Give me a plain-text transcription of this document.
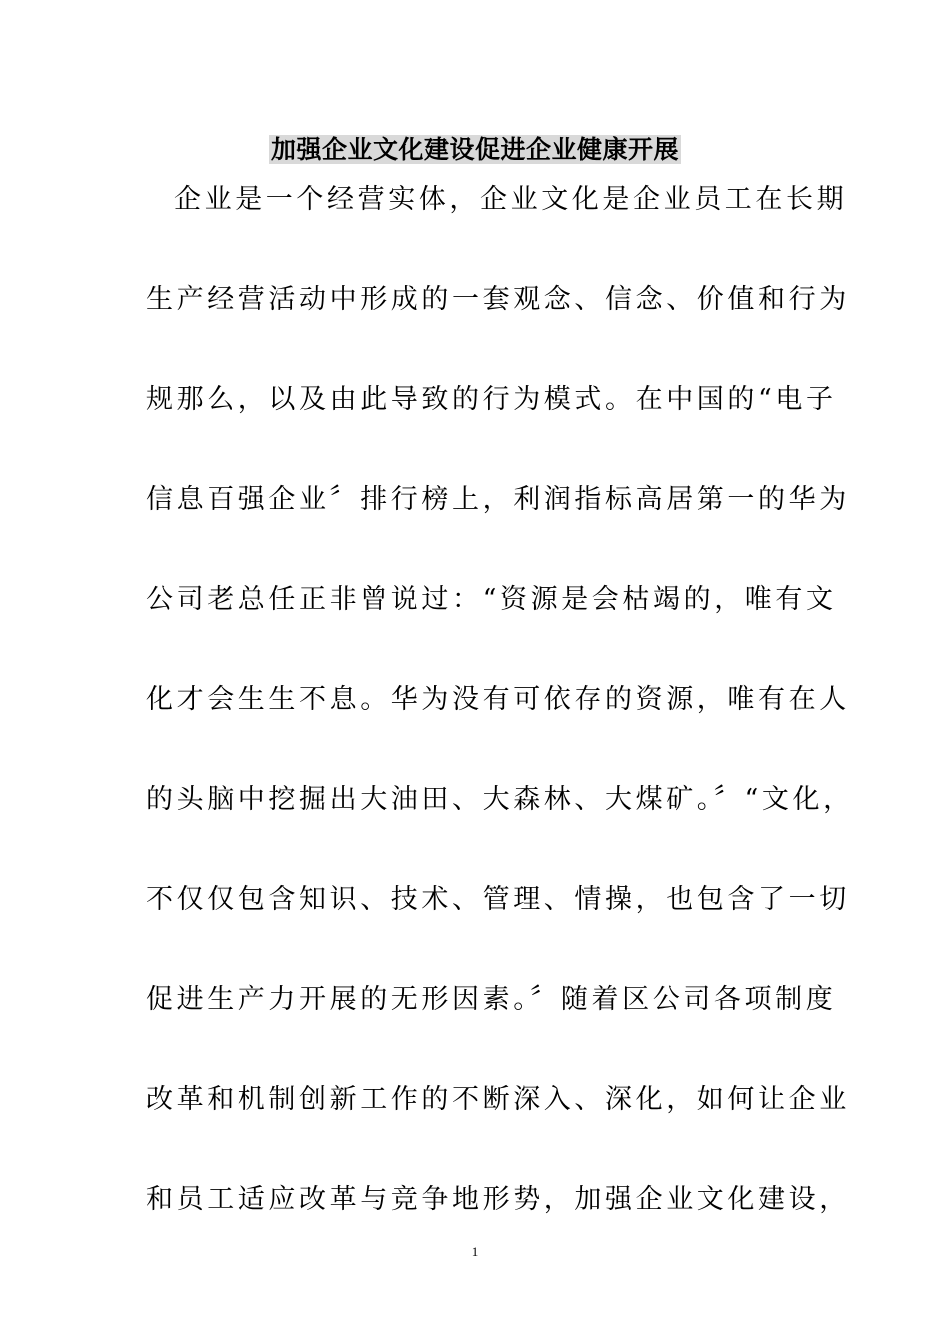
加强企业文化建设促进企业健康开展
企业是一个经营实体，企业文化是企业员工在长期
生产经营活动中形成的一套观念、信念、价值和行为
规那么，以及由此导致的行为模式。在中国的“电子
信息百强企业〞排行榜上，利润指标高居第一的华为
公司老总任正非曾说过：“资源是会枯竭的，唯有文
化才会生生不息。华为没有可依存的资源，唯有在人
的头脑中挖掘出大油田、大森林、大煤矿。〞“文化，
不仅仅包含知识、技术、管理、情操，也包含了一切
促进生产力开展的无形因素。〞随着区公司各项制度
改革和机制创新工作的不断深入、深化，如何让企业
和员工适应改革与竞争地形势，加强企业文化建设，
1
